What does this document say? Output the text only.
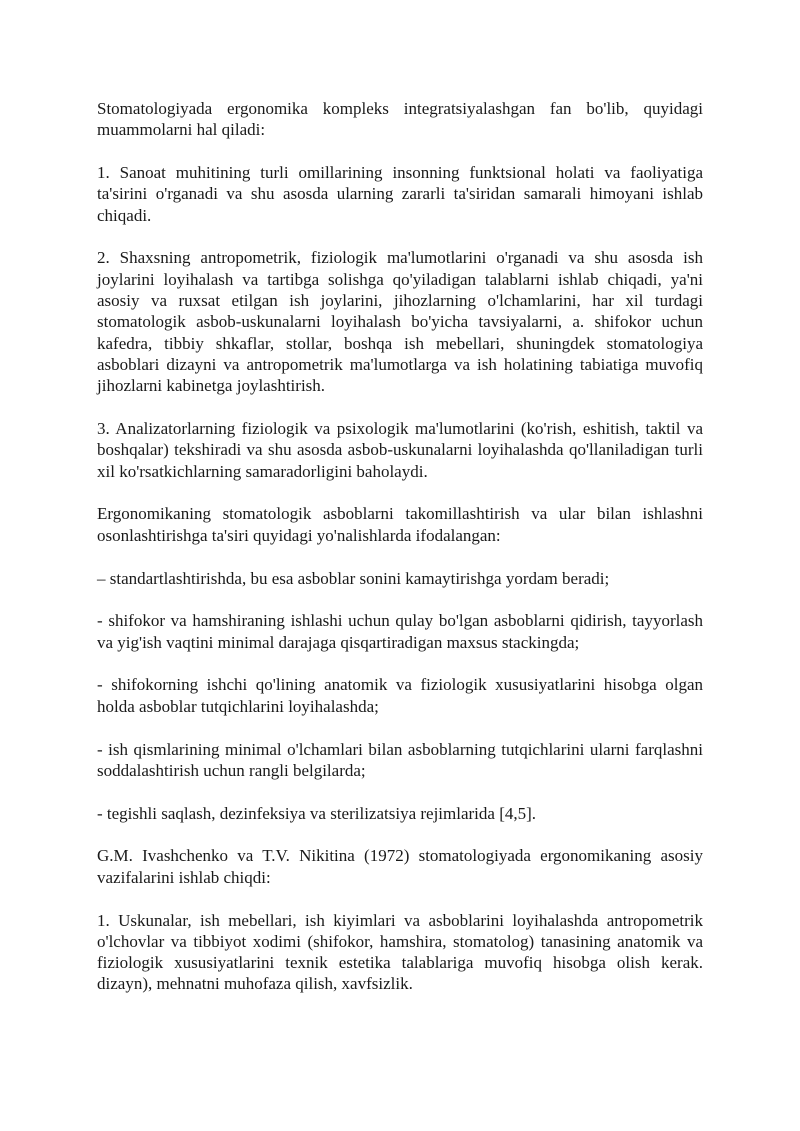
Stomatologiyada ergonomika kompleks integratsiyalashgan fan bo'lib, quyidagi muammolarni hal qiladi:

1. Sanoat muhitining turli omillarining insonning funktsional holati va faoliyatiga ta'sirini o'rganadi va shu asosda ularning zararli ta'siridan samarali himoyani ishlab chiqadi.

2. Shaxsning antropometrik, fiziologik ma'lumotlarini o'rganadi va shu asosda ish joylarini loyihalash va tartibga solishga qo'yiladigan talablarni ishlab chiqadi, ya'ni asosiy va ruxsat etilgan ish joylarini, jihozlarning o'lchamlarini, har xil turdagi stomatologik asbob-uskunalarni loyihalash bo'yicha tavsiyalarni, a. shifokor uchun kafedra, tibbiy shkaflar, stollar, boshqa ish mebellari, shuningdek stomatologiya asboblari dizayni va antropometrik ma'lumotlarga va ish holatining tabiatiga muvofiq jihozlarni kabinetga joylashtirish.

3. Analizatorlarning fiziologik va psixologik ma'lumotlarini (ko'rish, eshitish, taktil va boshqalar) tekshiradi va shu asosda asbob-uskunalarni loyihalashda qo'llaniladigan turli xil ko'rsatkichlarning samaradorligini baholaydi.

Ergonomikaning stomatologik asboblarni takomillashtirish va ular bilan ishlashni osonlashtirishga ta'siri quyidagi yo'nalishlarda ifodalangan:

– standartlashtirishda, bu esa asboblar sonini kamaytirishga yordam beradi;

- shifokor va hamshiraning ishlashi uchun qulay bo'lgan asboblarni qidirish, tayyorlash va yig'ish vaqtini minimal darajaga qisqartiradigan maxsus stackingda;

- shifokorning ishchi qo'lining anatomik va fiziologik xususiyatlarini hisobga olgan holda asboblar tutqichlarini loyihalashda;

- ish qismlarining minimal o'lchamlari bilan asboblarning tutqichlarini ularni farqlashni soddalashtirish uchun rangli belgilarda;

- tegishli saqlash, dezinfeksiya va sterilizatsiya rejimlarida [4,5].

G.M. Ivashchenko va T.V. Nikitina (1972) stomatologiyada ergonomikaning asosiy vazifalarini ishlab chiqdi:

1. Uskunalar, ish mebellari, ish kiyimlari va asboblarini loyihalashda antropometrik o'lchovlar va tibbiyot xodimi (shifokor, hamshira, stomatolog) tanasining anatomik va fiziologik xususiyatlarini texnik estetika talablariga muvofiq hisobga olish kerak. dizayn), mehnatni muhofaza qilish, xavfsizlik.
